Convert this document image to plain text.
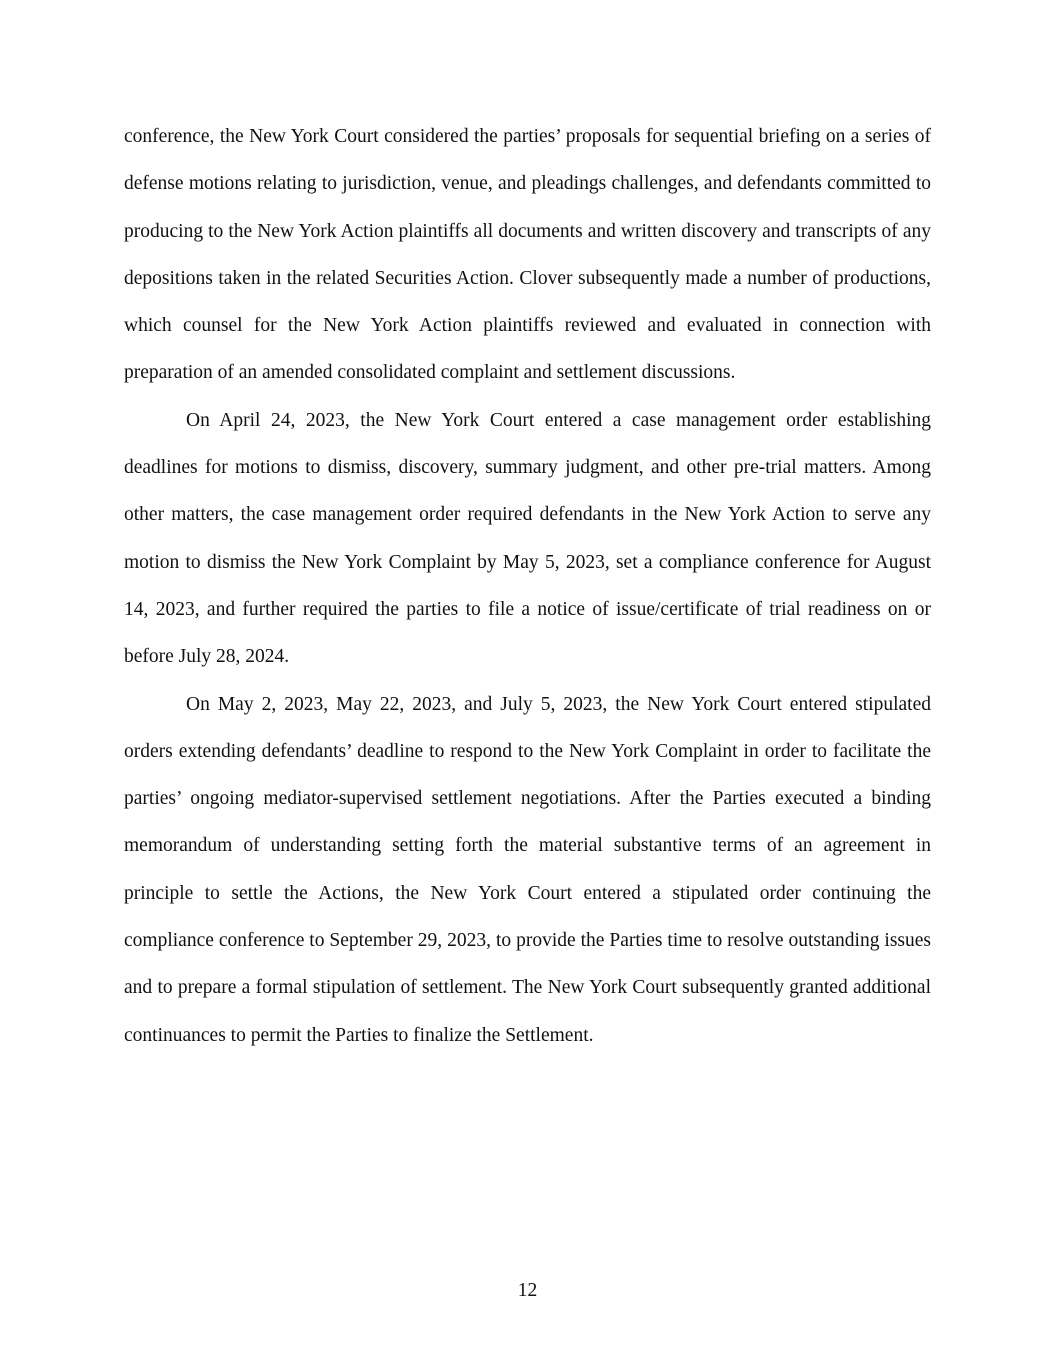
conference, the New York Court considered the parties’ proposals for sequential briefing on a series of defense motions relating to jurisdiction, venue, and pleadings challenges, and defendants committed to producing to the New York Action plaintiffs all documents and written discovery and transcripts of any depositions taken in the related Securities Action. Clover subsequently made a number of productions, which counsel for the New York Action plaintiffs reviewed and evaluated in connection with preparation of an amended consolidated complaint and settlement discussions.

On April 24, 2023, the New York Court entered a case management order establishing deadlines for motions to dismiss, discovery, summary judgment, and other pre-trial matters. Among other matters, the case management order required defendants in the New York Action to serve any motion to dismiss the New York Complaint by May 5, 2023, set a compliance conference for August 14, 2023, and further required the parties to file a notice of issue/certificate of trial readiness on or before July 28, 2024.

On May 2, 2023, May 22, 2023, and July 5, 2023, the New York Court entered stipulated orders extending defendants’ deadline to respond to the New York Complaint in order to facilitate the parties’ ongoing mediator-supervised settlement negotiations. After the Parties executed a binding memorandum of understanding setting forth the material substantive terms of an agreement in principle to settle the Actions, the New York Court entered a stipulated order continuing the compliance conference to September 29, 2023, to provide the Parties time to resolve outstanding issues and to prepare a formal stipulation of settlement. The New York Court subsequently granted additional continuances to permit the Parties to finalize the Settlement.

12
